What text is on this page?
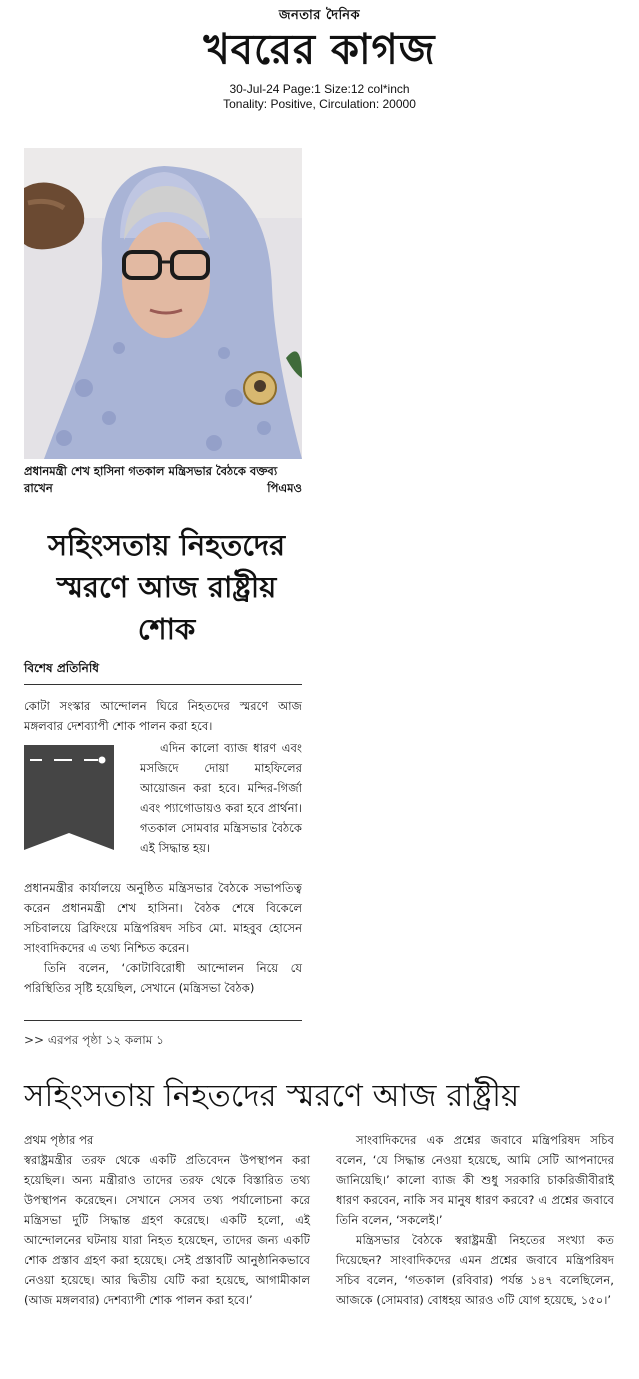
জনতার দৈনিক
খবরের কাগজ
30-Jul-24 Page:1 Size:12 col*inch
Tonality: Positive, Circulation: 20000
প্রধানমন্ত্রী শেখ হাসিনা গতকাল মন্ত্রিসভার বৈঠকে বক্তব্য রাখেন	পিএমও
সহিংসতায় নিহতদের স্মরণে আজ রাষ্ট্রীয় শোক
বিশেষ প্রতিনিধি
কোটা সংস্কার আন্দোলন ঘিরে নিহতদের স্মরণে আজ মঙ্গলবার দেশব্যাপী শোক পালন করা হবে।
এদিন কালো ব্যাজ ধারণ এবং মসজিদে দোয়া মাহফিলের আয়োজন করা হবে। মন্দির-গির্জা এবং প্যাগোডায়ও করা হবে প্রার্থনা। গতকাল সোমবার মন্ত্রিসভার বৈঠকে এই সিদ্ধান্ত হয়।
প্রধানমন্ত্রীর কার্যালয়ে অনুষ্ঠিত মন্ত্রিসভার বৈঠকে সভাপতিত্ব করেন প্রধানমন্ত্রী শেখ হাসিনা। বৈঠক শেষে বিকেলে সচিবালয়ে ব্রিফিংয়ে মন্ত্রিপরিষদ সচিব মো. মাহবুব হোসেন সাংবাদিকদের এ তথ্য নিশ্চিত করেন।
তিনি বলেন, ‘কোটাবিরোধী আন্দোলন নিয়ে যে পরিস্থিতির সৃষ্টি হয়েছিল, সেখানে (মন্ত্রিসভা বৈঠক)
>> এরপর পৃষ্ঠা ১২ কলাম ১
সহিংসতায় নিহতদের স্মরণে আজ রাষ্ট্রীয়
প্রথম পৃষ্ঠার পর
স্বরাষ্ট্রমন্ত্রীর তরফ থেকে একটি প্রতিবেদন উপস্থাপন করা হয়েছিল। অন্য মন্ত্রীরাও তাদের তরফ থেকে বিস্তারিত তথ্য উপস্থাপন করেছেন। সেখানে সেসব তথ্য পর্যালোচনা করে মন্ত্রিসভা দুটি সিদ্ধান্ত গ্রহণ করেছে। একটি হলো, এই আন্দোলনের ঘটনায় যারা নিহত হয়েছেন, তাদের জন্য একটি শোক প্রস্তাব গ্রহণ করা হয়েছে। সেই প্রস্তাবটি আনুষ্ঠানিকভাবে নেওয়া হয়েছে। আর দ্বিতীয় যেটি করা হয়েছে, আগামীকাল (আজ মঙ্গলবার) দেশব্যাপী শোক পালন করা হবে।’
সাংবাদিকদের এক প্রশ্নের জবাবে মন্ত্রিপরিষদ সচিব বলেন, ‘যে সিদ্ধান্ত নেওয়া হয়েছে, আমি সেটি আপনাদের জানিয়েছি।’ কালো ব্যাজ কী শুধু সরকারি চাকরিজীবীরাই ধারণ করবেন, নাকি সব মানুষ ধারণ করবে? এ প্রশ্নের জবাবে তিনি বলেন, ‘সকলেই।’
মন্ত্রিসভার বৈঠকে স্বরাষ্ট্রমন্ত্রী নিহতের সংখ্যা কত দিয়েছেন? সাংবাদিকদের এমন প্রশ্নের জবাবে মন্ত্রিপরিষদ সচিব বলেন, ‘গতকাল (রবিবার) পর্যন্ত ১৪৭ বলেছিলেন, আজকে (সোমবার) বোধহয় আরও ৩টি যোগ হয়েছে, ১৫০।’
